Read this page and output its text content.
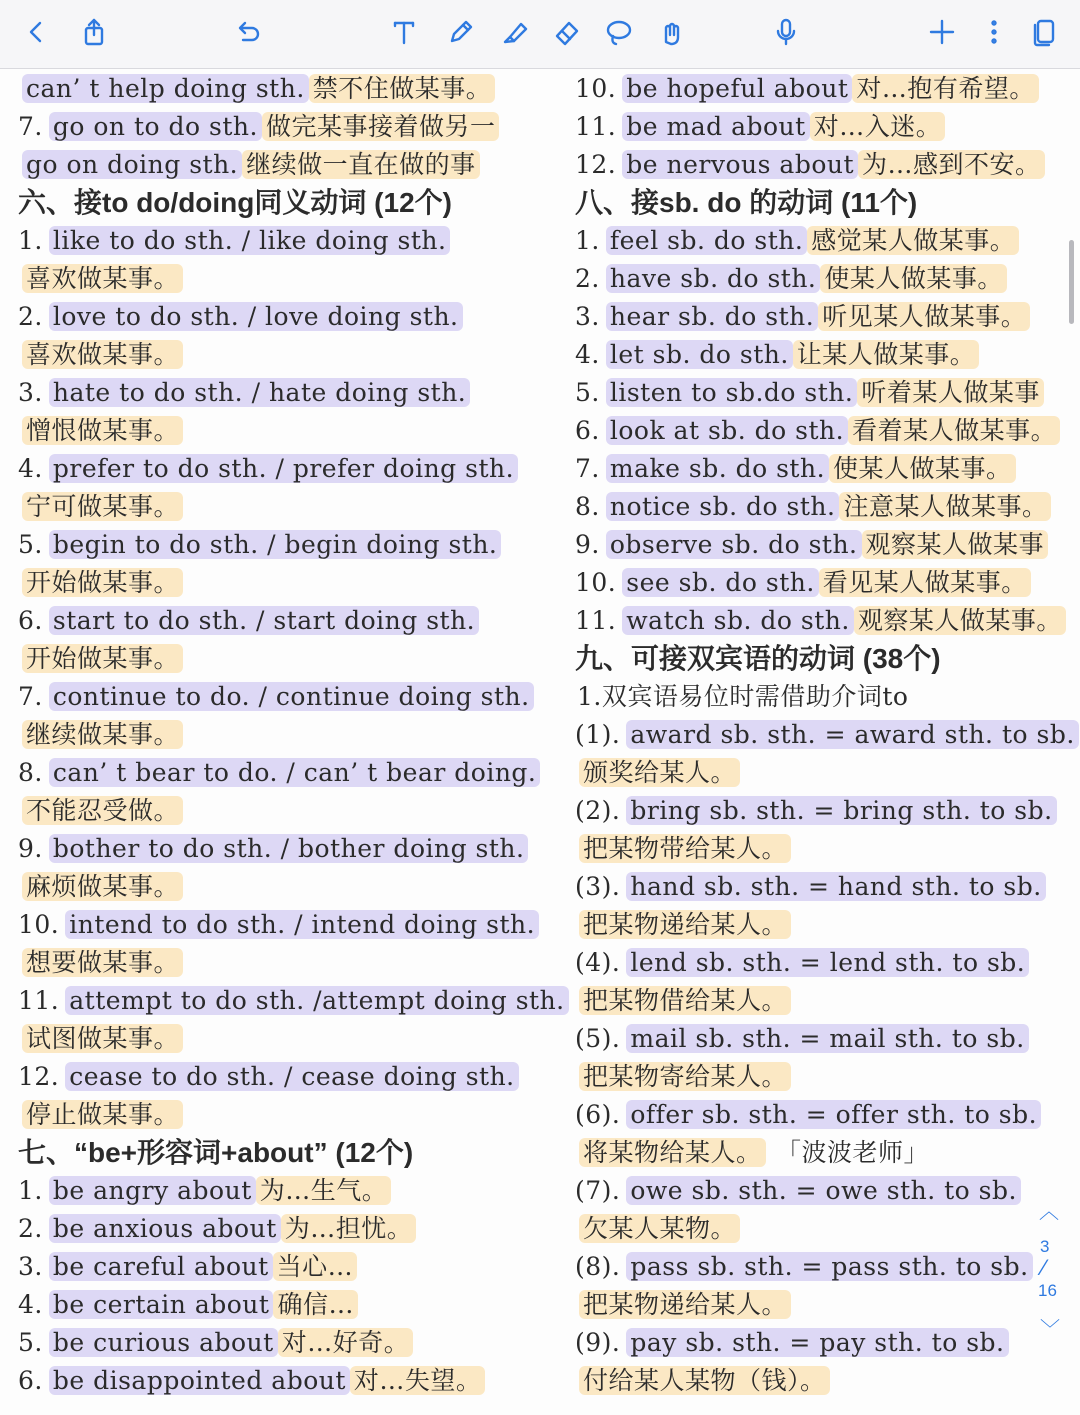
can’ t help doing sth. 禁不住做某事。
7. go on to do sth. 做完某事接着做另一
go on doing sth. 继续做一直在做的事
六、接to do/doing同义动词 (12个)
1. like to do sth. / like doing sth.
喜欢做某事。
2. love to do sth. / love doing sth.
喜欢做某事。
3. hate to do sth. / hate doing sth.
憎恨做某事。
4. prefer to do sth. / prefer doing sth.
宁可做某事。
5. begin to do sth. / begin doing sth.
开始做某事。
6. start to do sth. / start doing sth.
开始做某事。
7. continue to do. / continue doing sth.
继续做某事。
8. can’ t bear to do. / can’ t bear doing.
不能忍受做。
9. bother to do sth. / bother doing sth.
麻烦做某事。
10. intend to do sth. / intend doing sth.
想要做某事。
11. attempt to do sth. /attempt doing sth.
试图做某事。
12. cease to do sth. / cease doing sth.
停止做某事。
七、“be+形容词+about” (12个)
1. be angry about 为…生气。
2. be anxious about 为…担忧。
3. be careful about 当心…
4. be certain about 确信…
5. be curious about 对…好奇。
6. be disappointed about 对…失望。
10. be hopeful about 对…抱有希望。
11. be mad about 对…入迷。
12. be nervous about 为…感到不安。
八、接sb. do 的动词 (11个)
1. feel sb. do sth. 感觉某人做某事。
2. have sb. do sth. 使某人做某事。
3. hear sb. do sth. 听见某人做某事。
4. let sb. do sth. 让某人做某事。
5. listen to sb.do sth. 听着某人做某事
6. look at sb. do sth. 看着某人做某事。
7. make sb. do sth. 使某人做某事。
8. notice sb. do sth. 注意某人做某事。
9. observe sb. do sth. 观察某人做某事
10. see sb. do sth. 看见某人做某事。
11. watch sb. do sth. 观察某人做某事。
九、可接双宾语的动词 (38个)
1.双宾语易位时需借助介词to
(1). award sb. sth. = award sth. to sb.
颁奖给某人。
(2). bring sb. sth. = bring sth. to sb.
把某物带给某人。
(3). hand sb. sth. = hand sth. to sb.
把某物递给某人。
(4). lend sb. sth. = lend sth. to sb.
把某物借给某人。
(5). mail sb. sth. = mail sth. to sb.
把某物寄给某人。
(6). offer sb. sth. = offer sth. to sb.
将某物给某人。 「波波老师」
(7). owe sb. sth. = owe sth. to sb.
欠某人某物。
(8). pass sb. sth. = pass sth. to sb.
把某物递给某人。
(9). pay sb. sth. = pay sth. to sb.
付给某人某物（钱）。
︿
3
⁄
16
﹀
